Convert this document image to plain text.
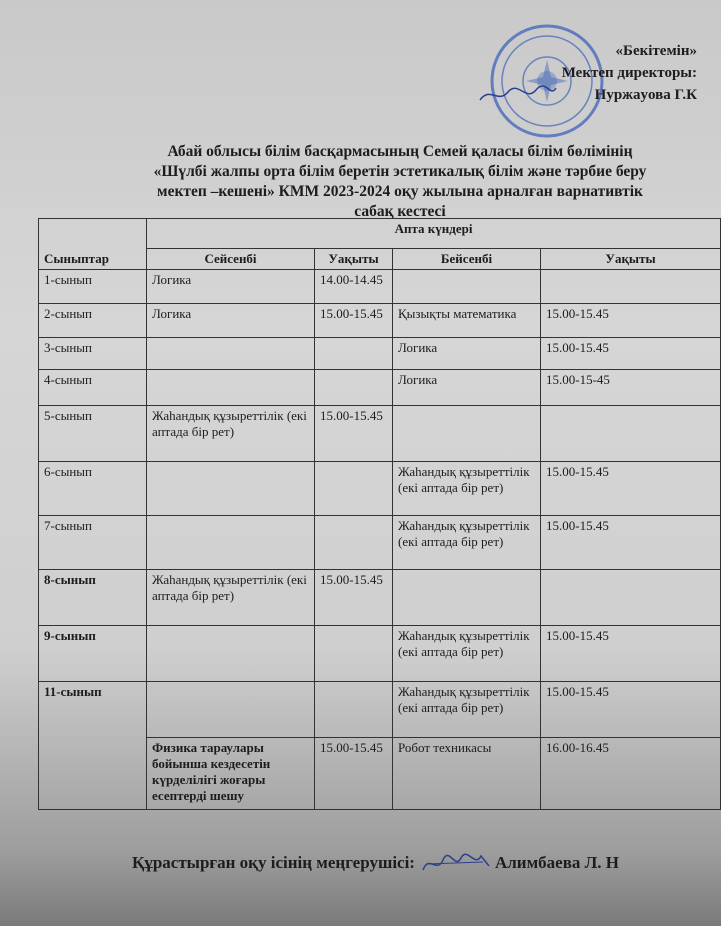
«Бекітемін»
Мектеп директоры:
Нуржаyова Г.К
Абай облысы білім басқармасының Семей қаласы білім бөлімінің
«Шүлбі жалпы орта білім беретін эстетикалық білім және тәрбие беру
мектеп –кешені» КММ 2023-2024 оқу жылына арналған варнативтік
сабақ кестесі
Сыныптар	Апта күндері			
	Сейсенбі	Уақыты	Бейсенбі	Уақыты
1-сынып	Логика	14.00-14.45		
2-сынып	Логика	15.00-15.45	Қызықты математика	15.00-15.45
3-сынып			Логика	15.00-15.45
4-сынып			Логика	15.00-15-45
5-сынып	Жаһандық құзыреттілік (екі аптада бір рет)	15.00-15.45		
6-сынып			Жаһандық құзыреттілік (екі аптада бір рет)	15.00-15.45
7-сынып			Жаһандық құзыреттілік (екі аптада бір рет)	15.00-15.45
8-сынып	Жаһандық құзыреттілік (екі аптада бір рет)	15.00-15.45		
9-сынып			Жаһандық құзыреттілік (екі аптада бір рет)	15.00-15.45
11-сынып			Жаһандық құзыреттілік (екі аптада бір рет)	15.00-15.45
	Физика тараулары бойынша кездесетін күрделілігі жоғары есептерді шешу	15.00-15.45	Робот техникасы	16.00-16.45
Құрастырған оқу ісінің меңгерушісі:	Алимбаева Л. Н
